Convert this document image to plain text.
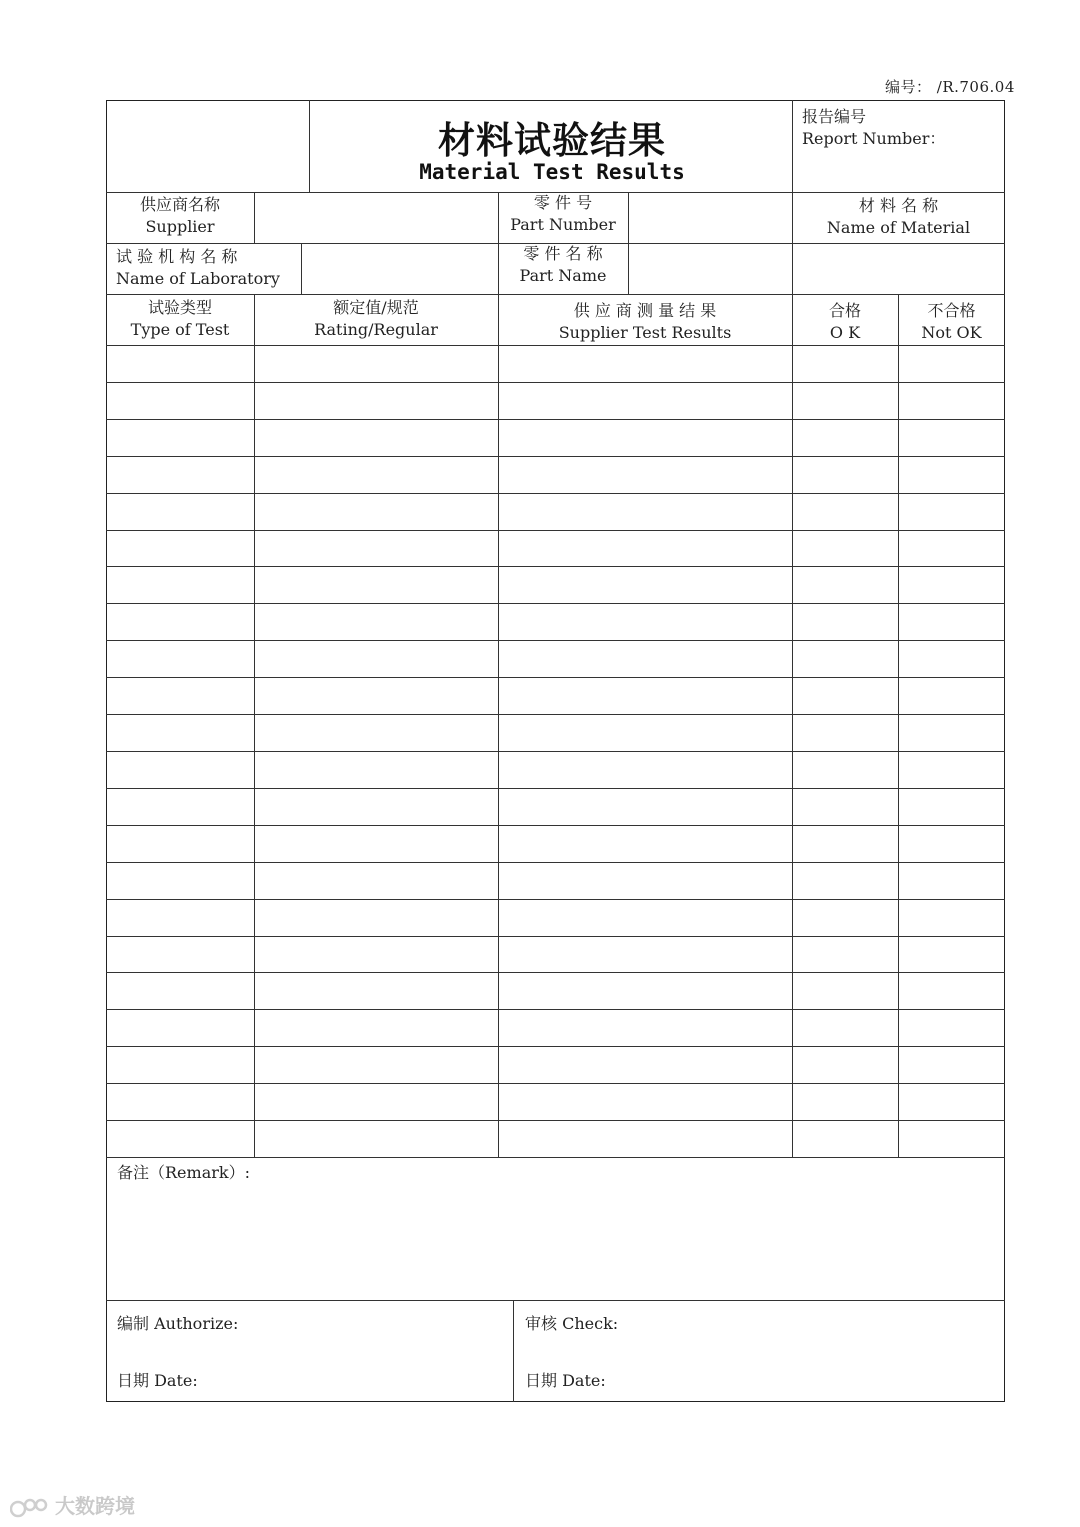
编号： /R.706.04
材料试验结果
Material Test Results
报告编号
Report Number：
供应商名称
Supplier
零 件 号
Part Number
材 料 名 称
Name of Material
试 验 机 构 名 称
Name of Laboratory
零 件 名 称
Part Name
试验类型
Type of Test
额定值/规范
Rating/Regular
供 应 商 测 量 结 果
Supplier Test Results
合格
O K
不合格
Not OK
备注（Remark）:
编制 Authorize:
日期 Date:
审核 Check:
日期 Date:
大数跨境
